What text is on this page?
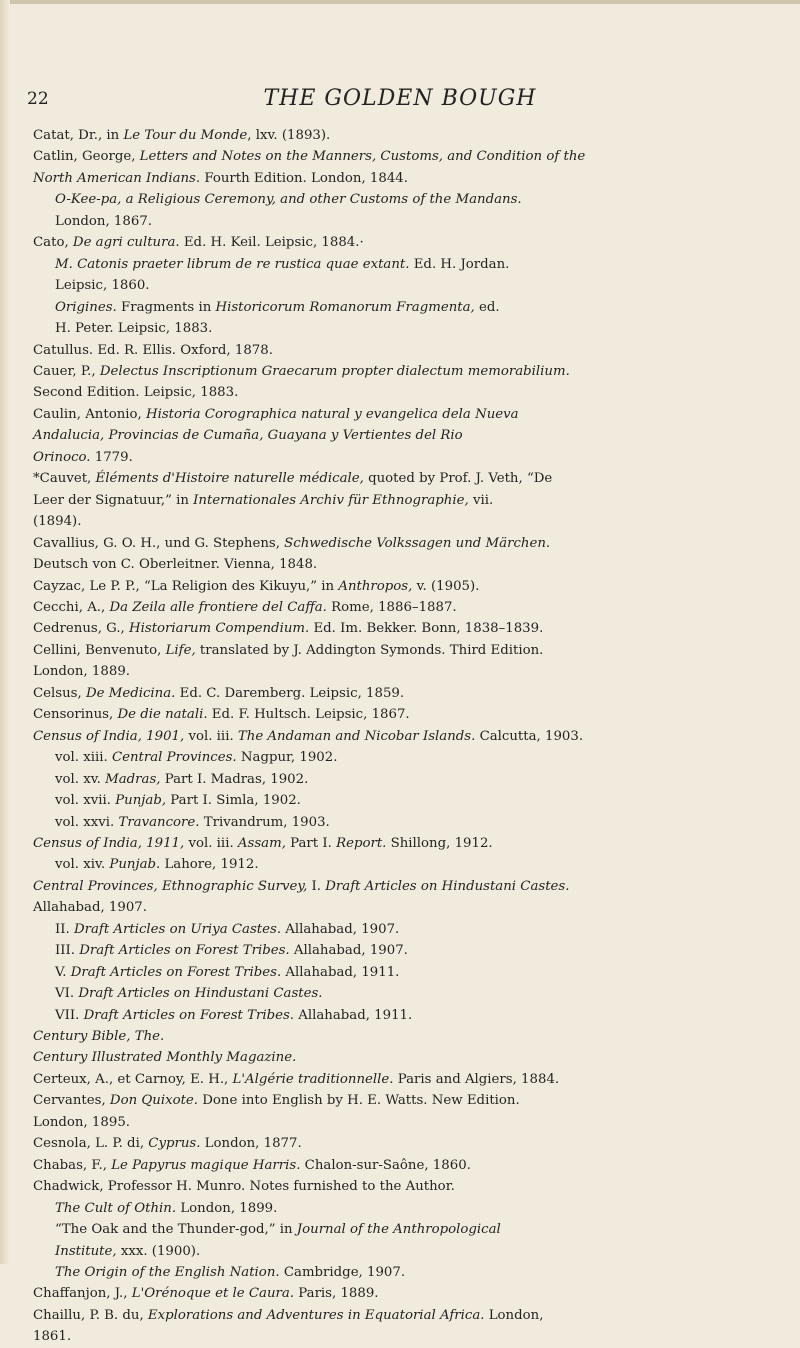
22	THE GOLDEN BOUGH
Catat, Dr., in Le Tour du Monde, lxv. (1893).
Catlin, George, Letters and Notes on the Manners, Customs, and Condition of the
North American Indians. Fourth Edition. London, 1844.
O-Kee-pa, a Religious Ceremony, and other Customs of the Mandans.
London, 1867.
Cato, De agri cultura. Ed. H. Keil. Leipsic, 1884.·
M. Catonis praeter librum de re rustica quae extant. Ed. H. Jordan.
Leipsic, 1860.
Origines. Fragments in Historicorum Romanorum Fragmenta, ed.
H. Peter. Leipsic, 1883.
Catullus. Ed. R. Ellis. Oxford, 1878.
Cauer, P., Delectus Inscriptionum Graecarum propter dialectum memorabilium.
Second Edition. Leipsic, 1883.
Caulin, Antonio, Historia Corographica natural y evangelica dela Nueva
Andalucia, Provincias de Cumaña, Guayana y Vertientes del Rio
Orinoco. 1779.
*Cauvet, Éléments d'Histoire naturelle médicale, quoted by Prof. J. Veth, “De
Leer der Signatuur,” in Internationales Archiv für Ethnographie, vii.
(1894).
Cavallius, G. O. H., und G. Stephens, Schwedische Volkssagen und Märchen.
Deutsch von C. Oberleitner. Vienna, 1848.
Cayzac, Le P. P., “La Religion des Kikuyu,” in Anthropos, v. (1905).
Cecchi, A., Da Zeila alle frontiere del Caffa. Rome, 1886–1887.
Cedrenus, G., Historiarum Compendium. Ed. Im. Bekker. Bonn, 1838–1839.
Cellini, Benvenuto, Life, translated by J. Addington Symonds. Third Edition.
London, 1889.
Celsus, De Medicina. Ed. C. Daremberg. Leipsic, 1859.
Censorinus, De die natali. Ed. F. Hultsch. Leipsic, 1867.
Census of India, 1901, vol. iii. The Andaman and Nicobar Islands. Calcutta, 1903.
vol. xiii. Central Provinces. Nagpur, 1902.
vol. xv. Madras, Part I. Madras, 1902.
vol. xvii. Punjab, Part I. Simla, 1902.
vol. xxvi. Travancore. Trivandrum, 1903.
Census of India, 1911, vol. iii. Assam, Part I. Report. Shillong, 1912.
vol. xiv. Punjab. Lahore, 1912.
Central Provinces, Ethnographic Survey, I. Draft Articles on Hindustani Castes.
Allahabad, 1907.
II. Draft Articles on Uriya Castes. Allahabad, 1907.
III. Draft Articles on Forest Tribes. Allahabad, 1907.
V. Draft Articles on Forest Tribes. Allahabad, 1911.
VI. Draft Articles on Hindustani Castes.
VII. Draft Articles on Forest Tribes. Allahabad, 1911.
Century Bible, The.
Century Illustrated Monthly Magazine.
Certeux, A., et Carnoy, E. H., L'Algérie traditionnelle. Paris and Algiers, 1884.
Cervantes, Don Quixote. Done into English by H. E. Watts. New Edition.
London, 1895.
Cesnola, L. P. di, Cyprus. London, 1877.
Chabas, F., Le Papyrus magique Harris. Chalon-sur-Saône, 1860.
Chadwick, Professor H. Munro. Notes furnished to the Author.
The Cult of Othin. London, 1899.
“The Oak and the Thunder-god,” in Journal of the Anthropological
Institute, xxx. (1900).
The Origin of the English Nation. Cambridge, 1907.
Chaffanjon, J., L'Orénoque et le Caura. Paris, 1889.
Chaillu, P. B. du, Explorations and Adventures in Equatorial Africa. London,
1861.
